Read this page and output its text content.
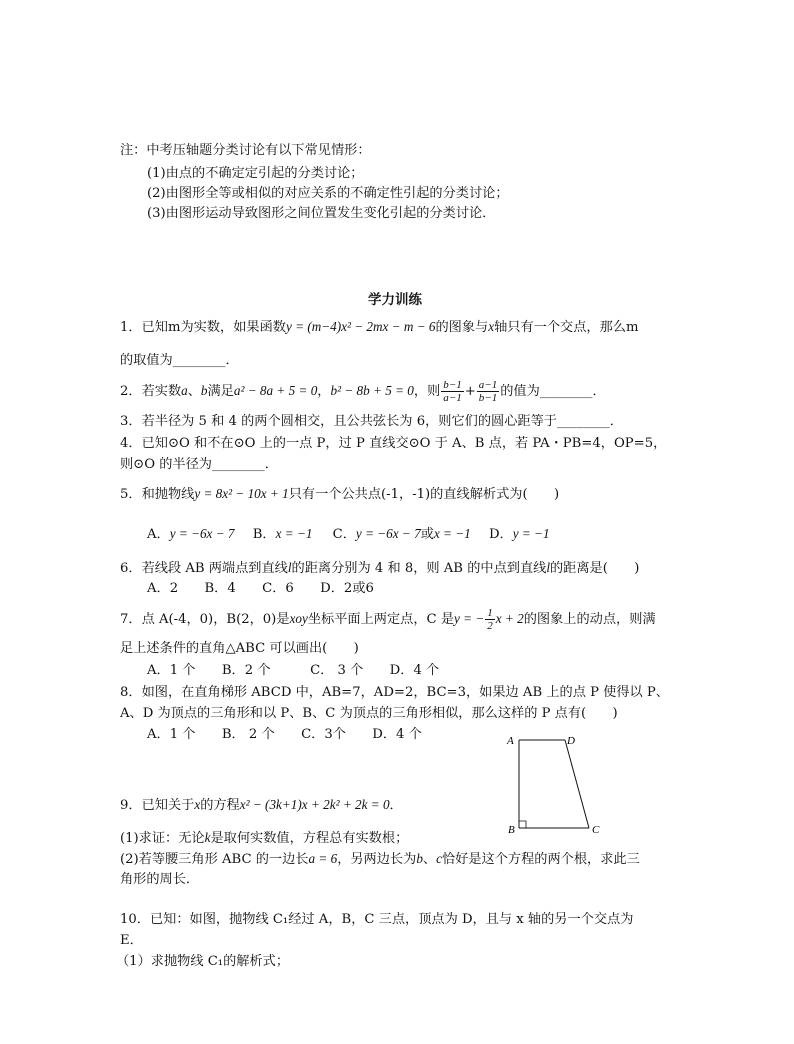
注：中考压轴题分类讨论有以下常见情形：
(1)由点的不确定定引起的分类讨论；
(2)由图形全等或相似的对应关系的不确定性引起的分类讨论；
(3)由图形运动导致图形之间位置发生变化引起的分类讨论．
学力训练
1．已知m为实数，如果函数y = (m−4)x² − 2mx − m − 6的图象与x轴只有一个交点，那么m
的取值为________．
2．若实数a、b满足a² − 8a + 5 = 0，b² − 8b + 5 = 0，则 $\frac{b-1}{a-1} + \frac{a-1}{b-1}$ 的值为________．
3．若半径为 5 和 4 的两个圆相交，且公共弦长为 6，则它们的圆心距等于________．
4．已知⊙O 和不在⊙O 上的一点 P，过 P 直线交⊙O 于 A、B 点，若 PA・PB=4，OP=5，
则⊙O 的半径为________．
5．和抛物线y = 8x² − 10x + 1只有一个公共点(-1，-1)的直线解析式为(　　)
A．y = −6x − 7 B．x = −1 C．y = −6x − 7或x = −1 D．y = −1
6．若线段 AB 两端点到直线l的距离分别为 4 和 8，则 AB 的中点到直线l的距离是(　　)
A．2　　B．4　　C．6　　D．2或6
7．点 A(-4，0)，B(2，0)是xoy坐标平面上两定点，C 是y = − $\frac{1}{2}$ x + 2的图象上的动点，则满
足上述条件的直角△ABC 可以画出(　　)
A．1 个　　B．2 个　　　C． 3 个　　D．4 个
8．如图，在直角梯形 ABCD 中，AB=7，AD=2，BC=3，如果边 AB 上的点 P 使得以 P、
A、D 为顶点的三角形和以 P、B、C 为顶点的三角形相似，那么这样的 P 点有(　　)
A．1 个　　B． 2 个　　C．3个　　D．4 个	A	D
B	C
9．已知关于x的方程x² − (3k+1)x + 2k² + 2k = 0．
(1)求证：无论k是取何实数值，方程总有实数根；
(2)若等腰三角形 ABC 的一边长a = 6，另两边长为b、c恰好是这个方程的两个根，求此三
角形的周长．
10．已知：如图，抛物线 C₁经过 A，B，C 三点，顶点为 D，且与 x 轴的另一个交点为
E．
（1）求抛物线 C₁的解析式；
